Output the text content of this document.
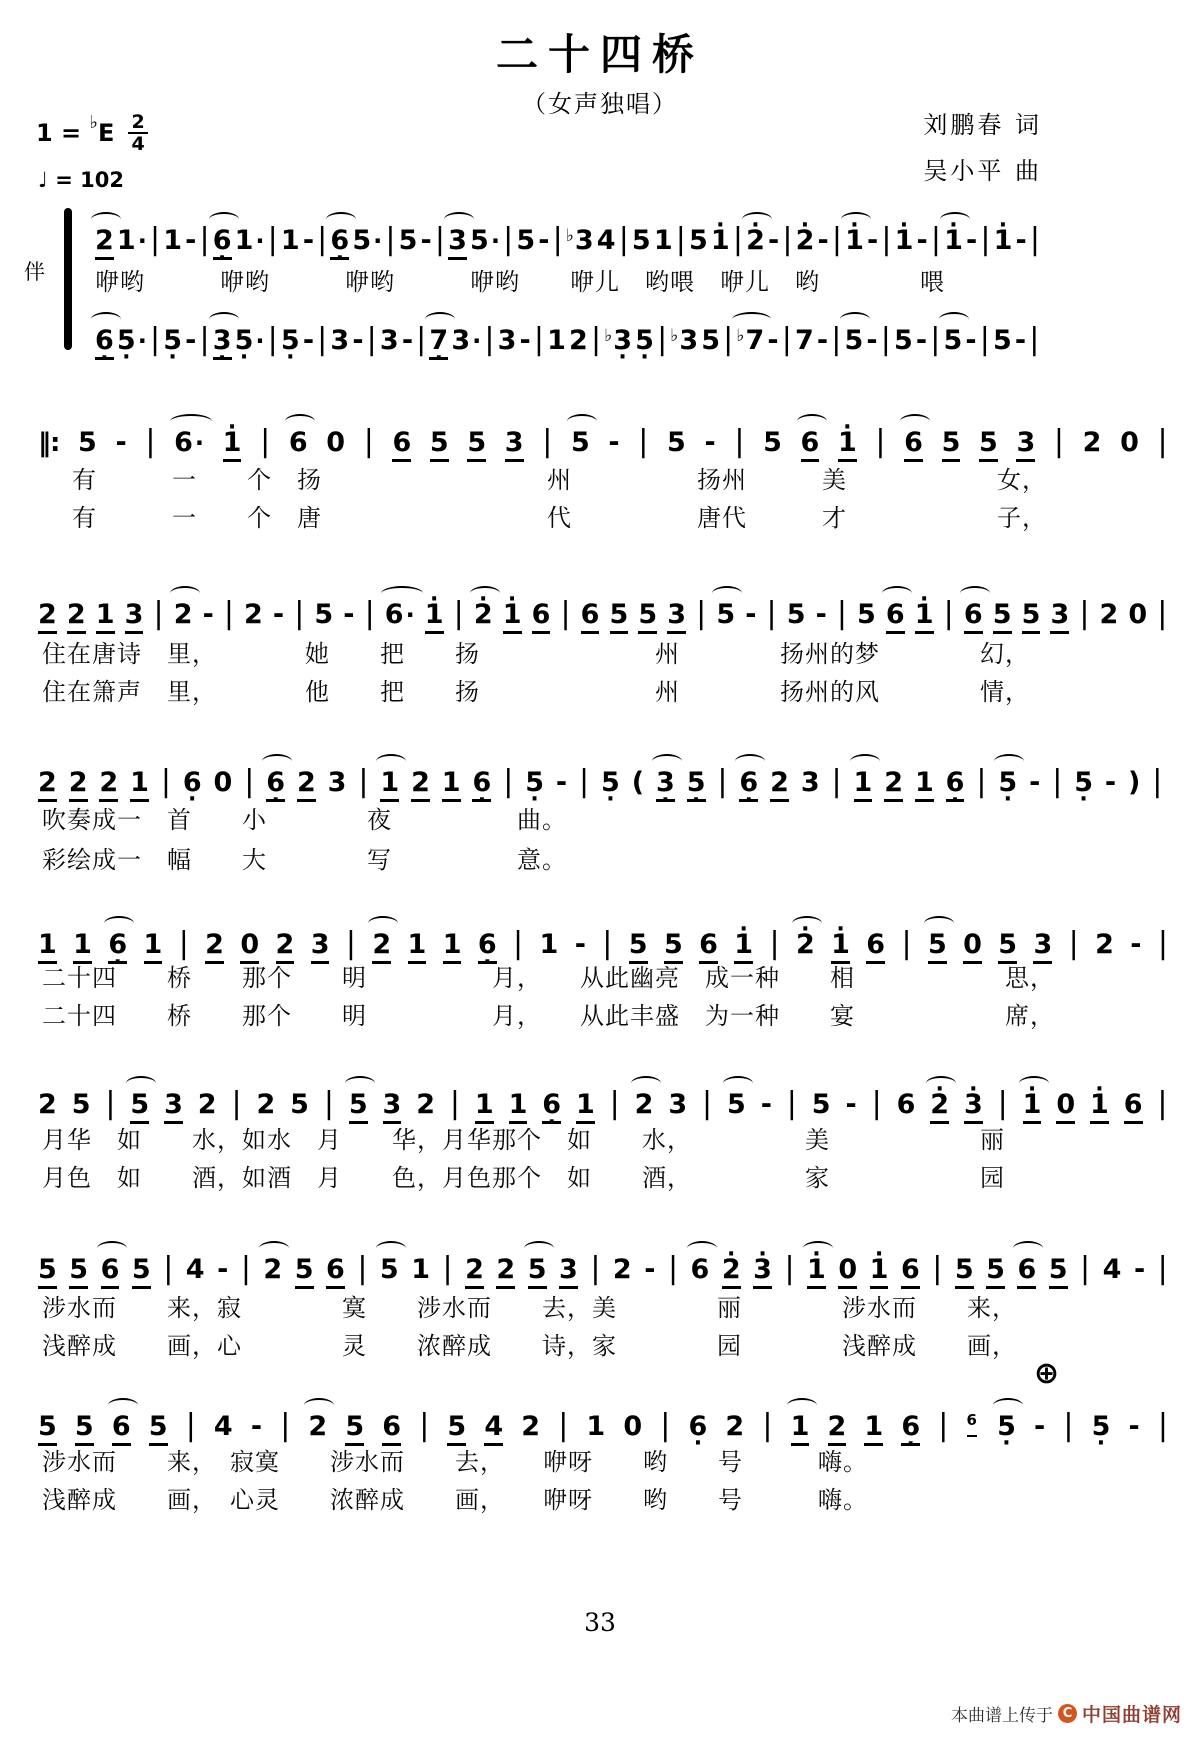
二十四桥
（女声独唱）
刘鹏春 词
吴小平 曲
$1 = ^♭E \frac{2}{4}$
♩ = 102
伴
2 1· | 1 - | 6 · 1· | 1 - | 6 · 5· | 5 - | 3 5· | 5 - | ♭3 4 | 5 1 | 5 · 1 | · 2 - | · 2 - | · 1 - | · 1 - | · 1 - | · 1 - |
咿哟　　　咿哟　　　咿哟　　　咿哟　　咿儿　哟喂　咿儿　哟　　　　喂
6 · 5 ·· | 5 · - | 3 · 5 ·· | 5 · - | 3 - | 3 - | 7 · 3· | 3 - | 1 2 | ♭3 · 5 · | ♭3 5 | ♭7 - | 7 - | 5 - | 5 - | 5 - | 5 - |
‖: 5 - | 6· · 1 | 6 0 | 6 5 5 3 | 5 - | 5 - | 5 6 · 1 | 6 5 5 3 | 2 0 |
有　　　一　　个　扬　　　　　　　　　州　　　　　扬州　　　美　　　　　　女，
有　　　一　　个　唐　　　　　　　　　代　　　　　唐代　　　才　　　　　　子，
2 2 1 3 | 2 - | 2 - | 5 - | 6· · 1 | · 2 · 1 6 | 6 5 5 3 | 5 - | 5 - | 5 6 · 1 | 6 5 5 3 | 2 0 |
住在唐诗　里，　　　　她　　把　　扬　　　　　　　州　　　　扬州的梦　　　　幻，
住在箫声　里，　　　　他　　把　　扬　　　　　　　州　　　　扬州的风　　　　情，
2 2 2 1 | 6 · 0 | 6 · 2 3 | 1 2 1 6 · | 5 · - | 5 · ( 3 · 5 · | 6 · 2 3 | 1 2 1 6 · | 5 · - | 5 · - ) |
吹奏成一　首　　小　　　　夜　　　　　曲。
彩绘成一　幅　　大　　　　写　　　　　意。
1 1 6 · 1 | 2 0 2 3 | 2 1 1 6 · | 1 - | 5 5 6 · 1 | · 2 · 1 6 | 5 0 5 3 | 2 - |
二十四　　桥　　那个　　明　　　　　月，　　从此幽亮　成一种　　相　　　　　　思，
二十四　　桥　　那个　　明　　　　　月，　　从此丰盛　为一种　　宴　　　　　　席，
2 5 | 5 3 2 | 2 5 | 5 3 2 | 1 1 6 · 1 | 2 3 | 5 - | 5 - | 6 · 2 · 3 | · 1 0 · 1 6 |
月华　如　　水，如水　月　　华，月华那个　如　　水，　　　　　美　　　　　　丽
月色　如　　酒，如酒　月　　色，月色那个　如　　酒，　　　　　家　　　　　　园
5 5 6 5 | 4 - | 2 5 6 | 5 1 | 2 2 5 3 | 2 - | 6 · 2 · 3 | · 1 0 · 1 6 | 5 5 6 5 | 4 - |
涉水而　　来，寂　　　　寞　　涉水而　　去，美　　　　丽　　　　涉水而　　来，
浅醉成　　画，心　　　　灵　　浓醉成　　诗，家　　　　园　　　　浅醉成　　画，
⊕
5 5 6 5 | 4 - | 2 5 6 | 5 4 2 | 1 0 | 6 · 2 | 1 2 1 6 · | 6 5 · - | 5 · - |
涉水而　　来，　寂寞　　涉水而　　去，　　咿呀　　哟　　号　　　嗨。
浅醉成　　画，　心灵　　浓醉成　　画，　　咿呀　　哟　　号　　　嗨。
33
本曲谱上传于 C 中国曲谱网
